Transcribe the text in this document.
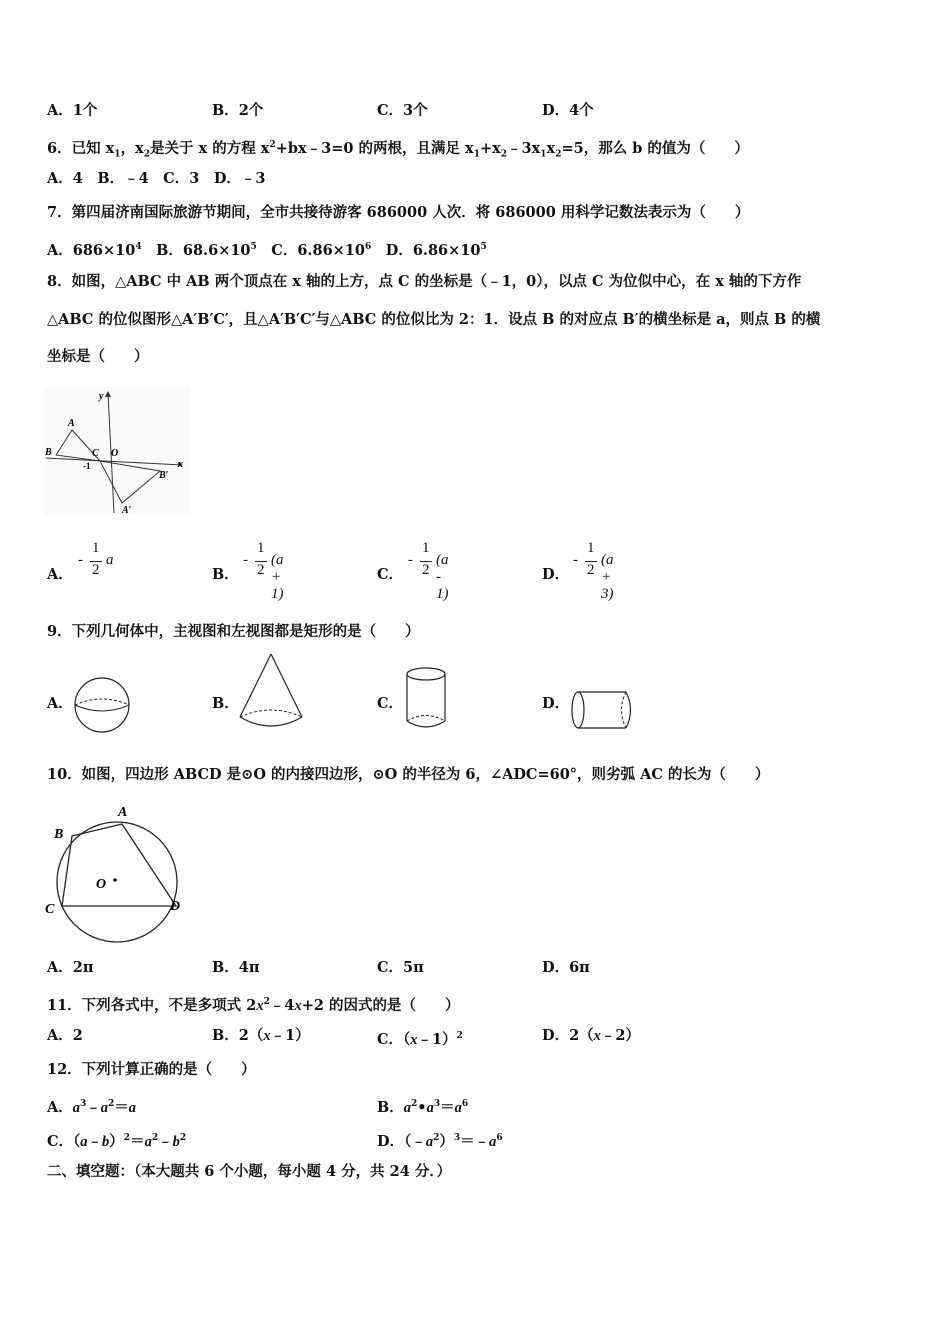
A．1个	B．2个	C．3个	D．4个
6．已知 $x_1$，$x_2$是关于 x 的方程 $x^2+bx﹣3=0$ 的两根，且满足 $x_1+x_2﹣3x_1x_2=5$，那么 b 的值为（　　）
A．4　B．﹣4　C．3　D．﹣3
7．第四届济南国际旅游节期间，全市共接待游客 686000 人次．将 686000 用科学记数法表示为（　　）
A．$686\times 10^4$　B．$68.6\times 10^5$　C．$6.86\times 10^6$　D．$6.86\times 10^5$
8．如图，△ABC 中 AB 两个顶点在 x 轴的上方，点 C 的坐标是（﹣1，0），以点 C 为位似中心，在 x 轴的下方作
△ABC 的位似图形△A′B′C′，且△A′B′C′与△ABC 的位似比为 2：1．设点 B 的对应点 B′的横坐标是 a，则点 B 的横
坐标是（　　）
y
x
A
B	C O
-1
B′
A′
A．
-
1
2
a
B．
-
1
2
(a + 1)
C．
-
1
2
(a - 1)
D．
-
1
2
(a + 3)
9．下列几何体中，主视图和左视图都是矩形的是（　　）
A．	B．	C．	D．
10．如图，四边形 ABCD 是⊙O 的内接四边形，⊙O 的半径为 6，∠ADC=60°，则劣弧 AC 的长为（　　）
A
B
C	D
O
A．2π	B．4π	C．5π	D．6π
11．下列各式中，不是多项式 $2x^2﹣4x+2$ 的因式的是（　　）
A．2	B．2（x﹣1）	C．（x﹣1）$^2$	D．2（x﹣2）
12．下列计算正确的是（　　）
A．$a^3﹣a^2=a$	B．$a^2•a^3=a^6$
C．$(a﹣b)^2=a^2﹣b^2$	D．$(﹣a^2)^3=﹣a^6$
二、填空题：（本大题共 6 个小题，每小题 4 分，共 24 分．）
